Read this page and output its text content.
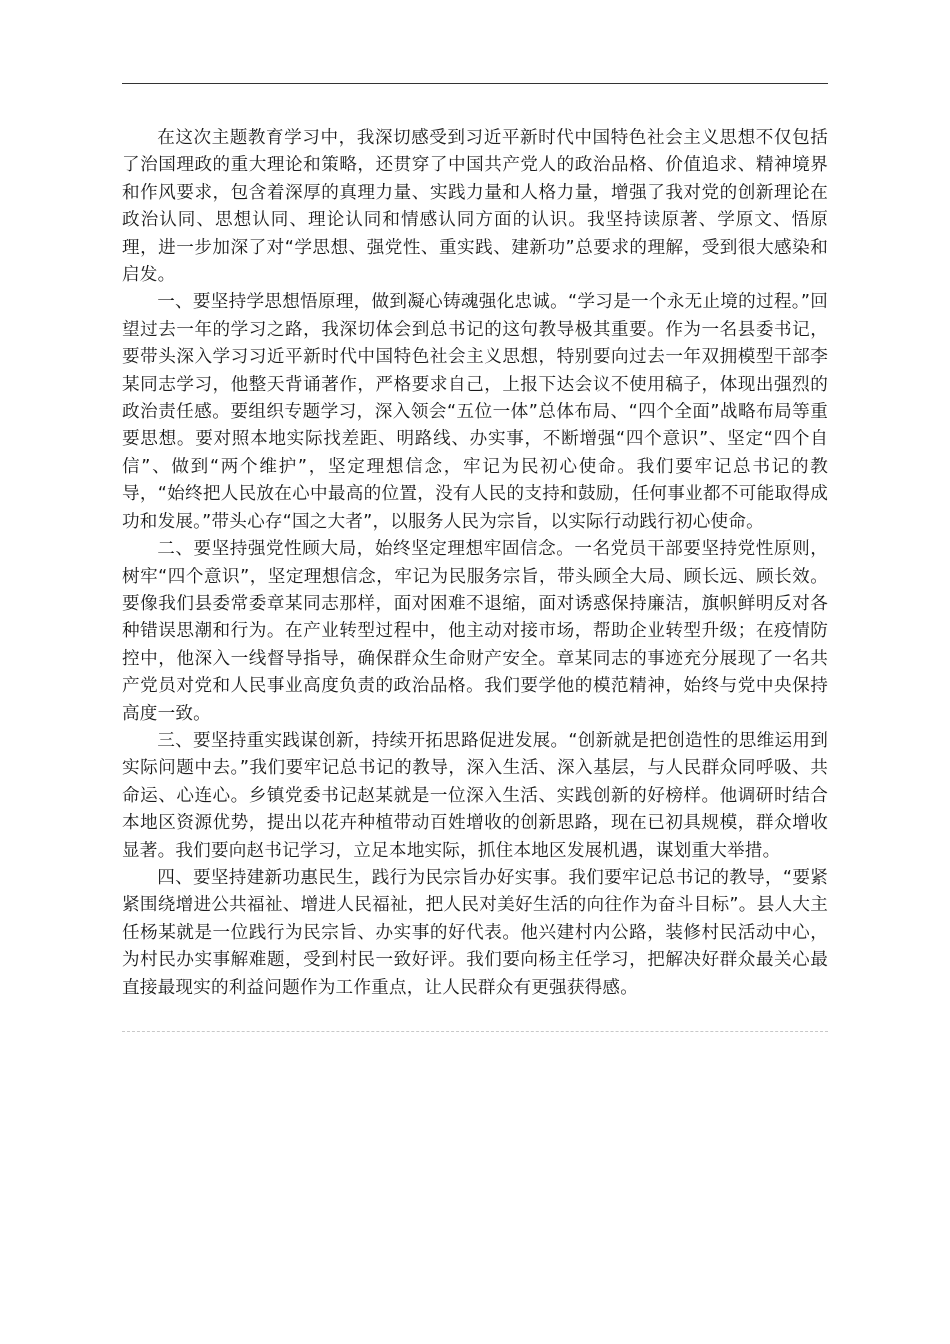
在这次主题教育学习中，我深切感受到习近平新时代中国特色社会主义思想不仅包括了治国理政的重大理论和策略，还贯穿了中国共产党人的政治品格、价值追求、精神境界和作风要求，包含着深厚的真理力量、实践力量和人格力量，增强了我对党的创新理论在政治认同、思想认同、理论认同和情感认同方面的认识。我坚持读原著、学原文、悟原理，进一步加深了对“学思想、强党性、重实践、建新功”总要求的理解，受到很大感染和启发。

一、要坚持学思想悟原理，做到凝心铸魂强化忠诚。“学习是一个永无止境的过程。”回望过去一年的学习之路，我深切体会到总书记的这句教导极其重要。作为一名县委书记，要带头深入学习习近平新时代中国特色社会主义思想，特别要向过去一年双拥模型干部李某同志学习，他整天背诵著作，严格要求自己，上报下达会议不使用稿子，体现出强烈的政治责任感。要组织专题学习，深入领会“五位一体”总体布局、“四个全面”战略布局等重要思想。要对照本地实际找差距、明路线、办实事，不断增强“四个意识”、坚定“四个自信”、做到“两个维护”，坚定理想信念，牢记为民初心使命。我们要牢记总书记的教导，“始终把人民放在心中最高的位置，没有人民的支持和鼓励，任何事业都不可能取得成功和发展。”带头心存“国之大者”，以服务人民为宗旨，以实际行动践行初心使命。

二、要坚持强党性顾大局，始终坚定理想牢固信念。一名党员干部要坚持党性原则，树牢“四个意识”，坚定理想信念，牢记为民服务宗旨，带头顾全大局、顾长远、顾长效。要像我们县委常委章某同志那样，面对困难不退缩，面对诱惑保持廉洁，旗帜鲜明反对各种错误思潮和行为。在产业转型过程中，他主动对接市场，帮助企业转型升级；在疫情防控中，他深入一线督导指导，确保群众生命财产安全。章某同志的事迹充分展现了一名共产党员对党和人民事业高度负责的政治品格。我们要学他的模范精神，始终与党中央保持高度一致。

三、要坚持重实践谋创新，持续开拓思路促进发展。“创新就是把创造性的思维运用到实际问题中去。”我们要牢记总书记的教导，深入生活、深入基层，与人民群众同呼吸、共命运、心连心。乡镇党委书记赵某就是一位深入生活、实践创新的好榜样。他调研时结合本地区资源优势，提出以花卉种植带动百姓增收的创新思路，现在已初具规模，群众增收显著。我们要向赵书记学习，立足本地实际，抓住本地区发展机遇，谋划重大举措。

四、要坚持建新功惠民生，践行为民宗旨办好实事。我们要牢记总书记的教导，“要紧紧围绕增进公共福祉、增进人民福祉，把人民对美好生活的向往作为奋斗目标”。县人大主任杨某就是一位践行为民宗旨、办实事的好代表。他兴建村内公路，装修村民活动中心，为村民办实事解难题，受到村民一致好评。我们要向杨主任学习，把解决好群众最关心最直接最现实的利益问题作为工作重点，让人民群众有更强获得感。
